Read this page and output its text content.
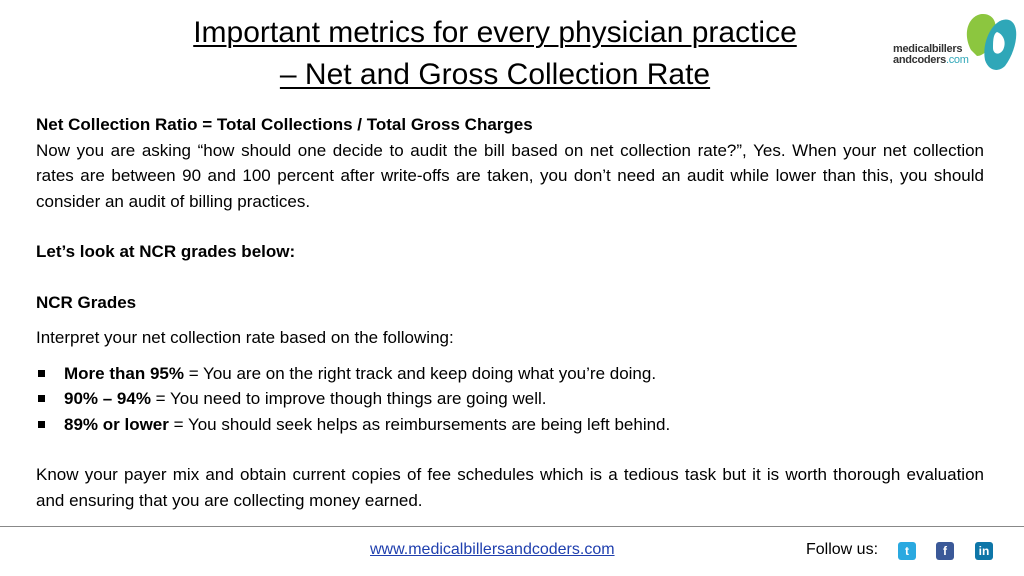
Important metrics for every physician practice
– Net and Gross Collection Rate
medicalbillers
andcoders.com

Net Collection Ratio = Total Collections / Total Gross Charges

Now you are asking “how should one decide to audit the bill based on net collection rate?”, Yes. When your net collection rates are between 90 and 100 percent after write-offs are taken, you don’t need an audit while lower than this, you should consider an audit of billing practices.

Let’s look at NCR grades below:

NCR Grades

Interpret your net collection rate based on the following:

More than 95% = You are on the right track and keep doing what you’re doing.
90% – 94% = You need to improve though things are going well.
89% or lower = You should seek helps as reimbursements are being left behind.

Know your payer mix and obtain current copies of fee schedules which is a tedious task but it is worth thorough evaluation and ensuring that you are collecting money earned.

www.medicalbillersandcoders.com	Follow us:	t	f	in
